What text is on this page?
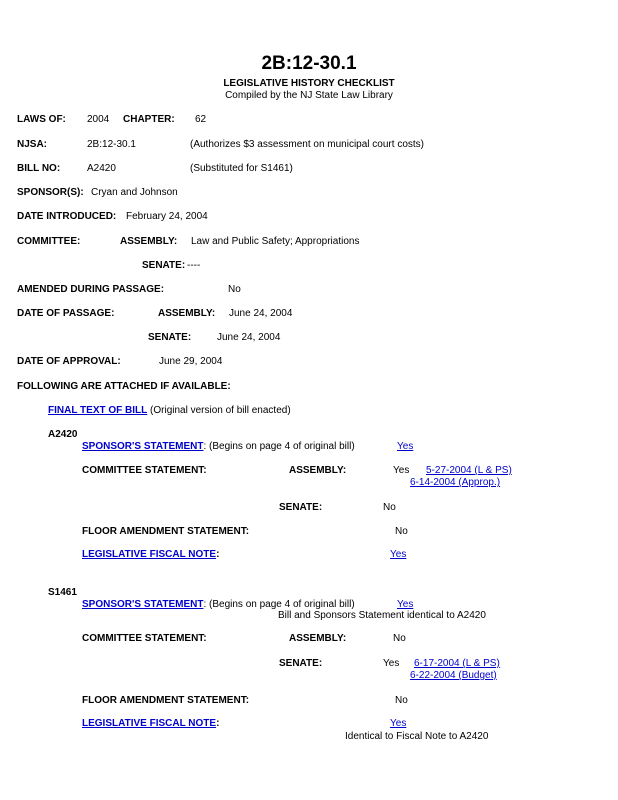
2B:12-30.1
LEGISLATIVE HISTORY CHECKLIST
Compiled by the NJ State Law Library
LAWS OF: 2004 CHAPTER: 62
NJSA:	2B:12-30.1	(Authorizes $3 assessment on municipal court costs)
BILL NO:	A2420	(Substituted for S1461)
SPONSOR(S): Cryan and Johnson
DATE INTRODUCED: February 24, 2004
COMMITTEE:	ASSEMBLY: Law and Public Safety; Appropriations
SENATE: ----
AMENDED DURING PASSAGE:	No
DATE OF PASSAGE:	ASSEMBLY: June 24, 2004
SENATE:	June 24, 2004
DATE OF APPROVAL:	June 29, 2004
FOLLOWING ARE ATTACHED IF AVAILABLE:
FINAL TEXT OF BILL (Original version of bill enacted)
A2420
SPONSOR'S STATEMENT: (Begins on page 4 of original bill)	Yes
COMMITTEE STATEMENT:	ASSEMBLY:	Yes 5-27-2004 (L & PS)
6-14-2004 (Approp.)
SENATE:	No
FLOOR AMENDMENT STATEMENT:	No
LEGISLATIVE FISCAL NOTE:	Yes
S1461
SPONSOR'S STATEMENT: (Begins on page 4 of original bill)	Yes
Bill and Sponsors Statement identical to A2420
COMMITTEE STATEMENT:	ASSEMBLY:	No
SENATE:	Yes 6-17-2004 (L & PS)
6-22-2004 (Budget)
FLOOR AMENDMENT STATEMENT:	No
LEGISLATIVE FISCAL NOTE:	Yes
Identical to Fiscal Note to A2420
